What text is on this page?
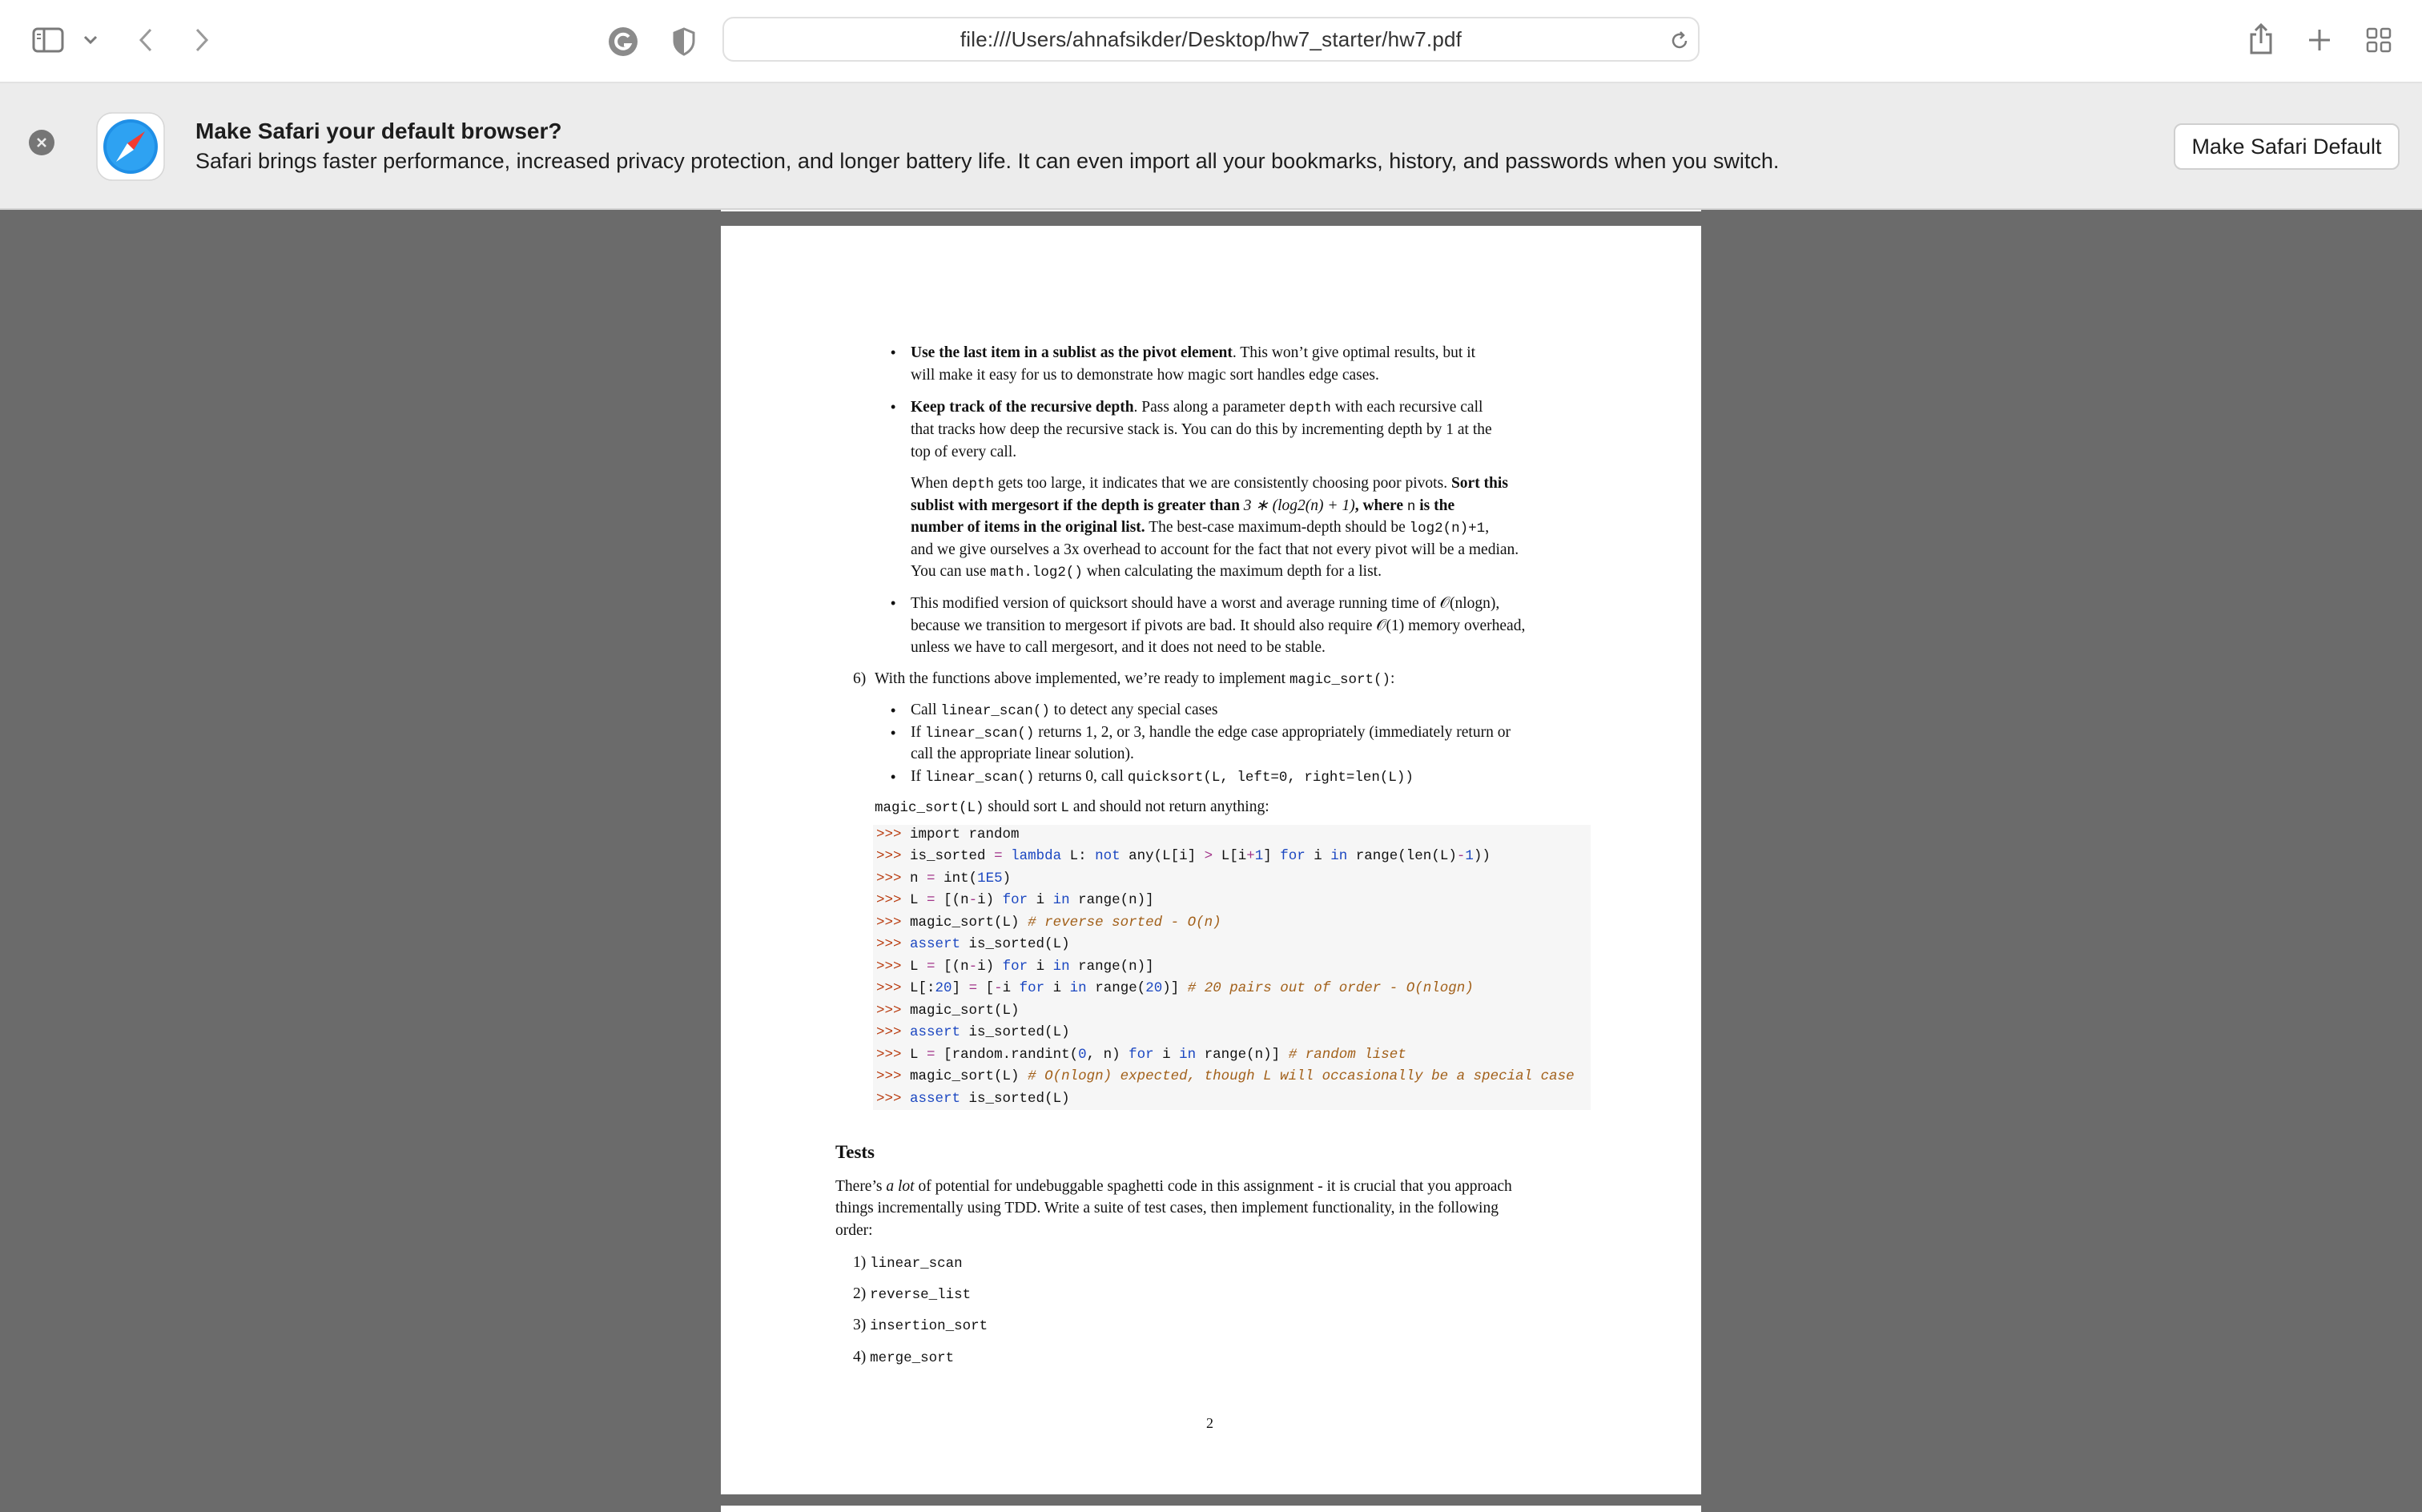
file:///Users/ahnafsikder/Desktop/hw7_starter/hw7.pdf
Make Safari your default browser?
Safari brings faster performance, increased privacy protection, and longer battery life. It can even import all your bookmarks, history, and passwords when you switch.
Make Safari Default
• Use the last item in a sublist as the pivot element. This won’t give optimal results, but it
will make it easy for us to demonstrate how magic sort handles edge cases.
• Keep track of the recursive depth. Pass along a parameter depth with each recursive call
that tracks how deep the recursive stack is. You can do this by incrementing depth by 1 at the
top of every call.
When depth gets too large, it indicates that we are consistently choosing poor pivots. Sort this
sublist with mergesort if the depth is greater than 3 ∗ (log2(n) + 1), where n is the
number of items in the original list. The best-case maximum-depth should be log2(n)+1,
and we give ourselves a 3x overhead to account for the fact that not every pivot will be a median.
You can use math.log2() when calculating the maximum depth for a list.
• This modified version of quicksort should have a worst and average running time of 𝒪(nlogn),
because we transition to mergesort if pivots are bad. It should also require 𝒪(1) memory overhead,
unless we have to call mergesort, and it does not need to be stable.
6) With the functions above implemented, we’re ready to implement magic_sort():
• Call linear_scan() to detect any special cases
• If linear_scan() returns 1, 2, or 3, handle the edge case appropriately (immediately return or
call the appropriate linear solution).
• If linear_scan() returns 0, call quicksort(L, left=0, right=len(L))
magic_sort(L) should sort L and should not return anything:
>>> import random
>>> is_sorted = lambda L: not any(L[i] > L[i+1] for i in range(len(L)-1))
>>> n = int(1E5)
>>> L = [(n-i) for i in range(n)]
>>> magic_sort(L) # reverse sorted - O(n)
>>> assert is_sorted(L)
>>> L = [(n-i) for i in range(n)]
>>> L[:20] = [-i for i in range(20)] # 20 pairs out of order - O(nlogn)
>>> magic_sort(L)
>>> assert is_sorted(L)
>>> L = [random.randint(0, n) for i in range(n)] # random liset
>>> magic_sort(L) # O(nlogn) expected, though L will occasionally be a special case
>>> assert is_sorted(L)
Tests
There’s a lot of potential for undebuggable spaghetti code in this assignment - it is crucial that you approach
things incrementally using TDD. Write a suite of test cases, then implement functionality, in the following
order:
1) linear_scan
2) reverse_list
3) insertion_sort
4) merge_sort
2
